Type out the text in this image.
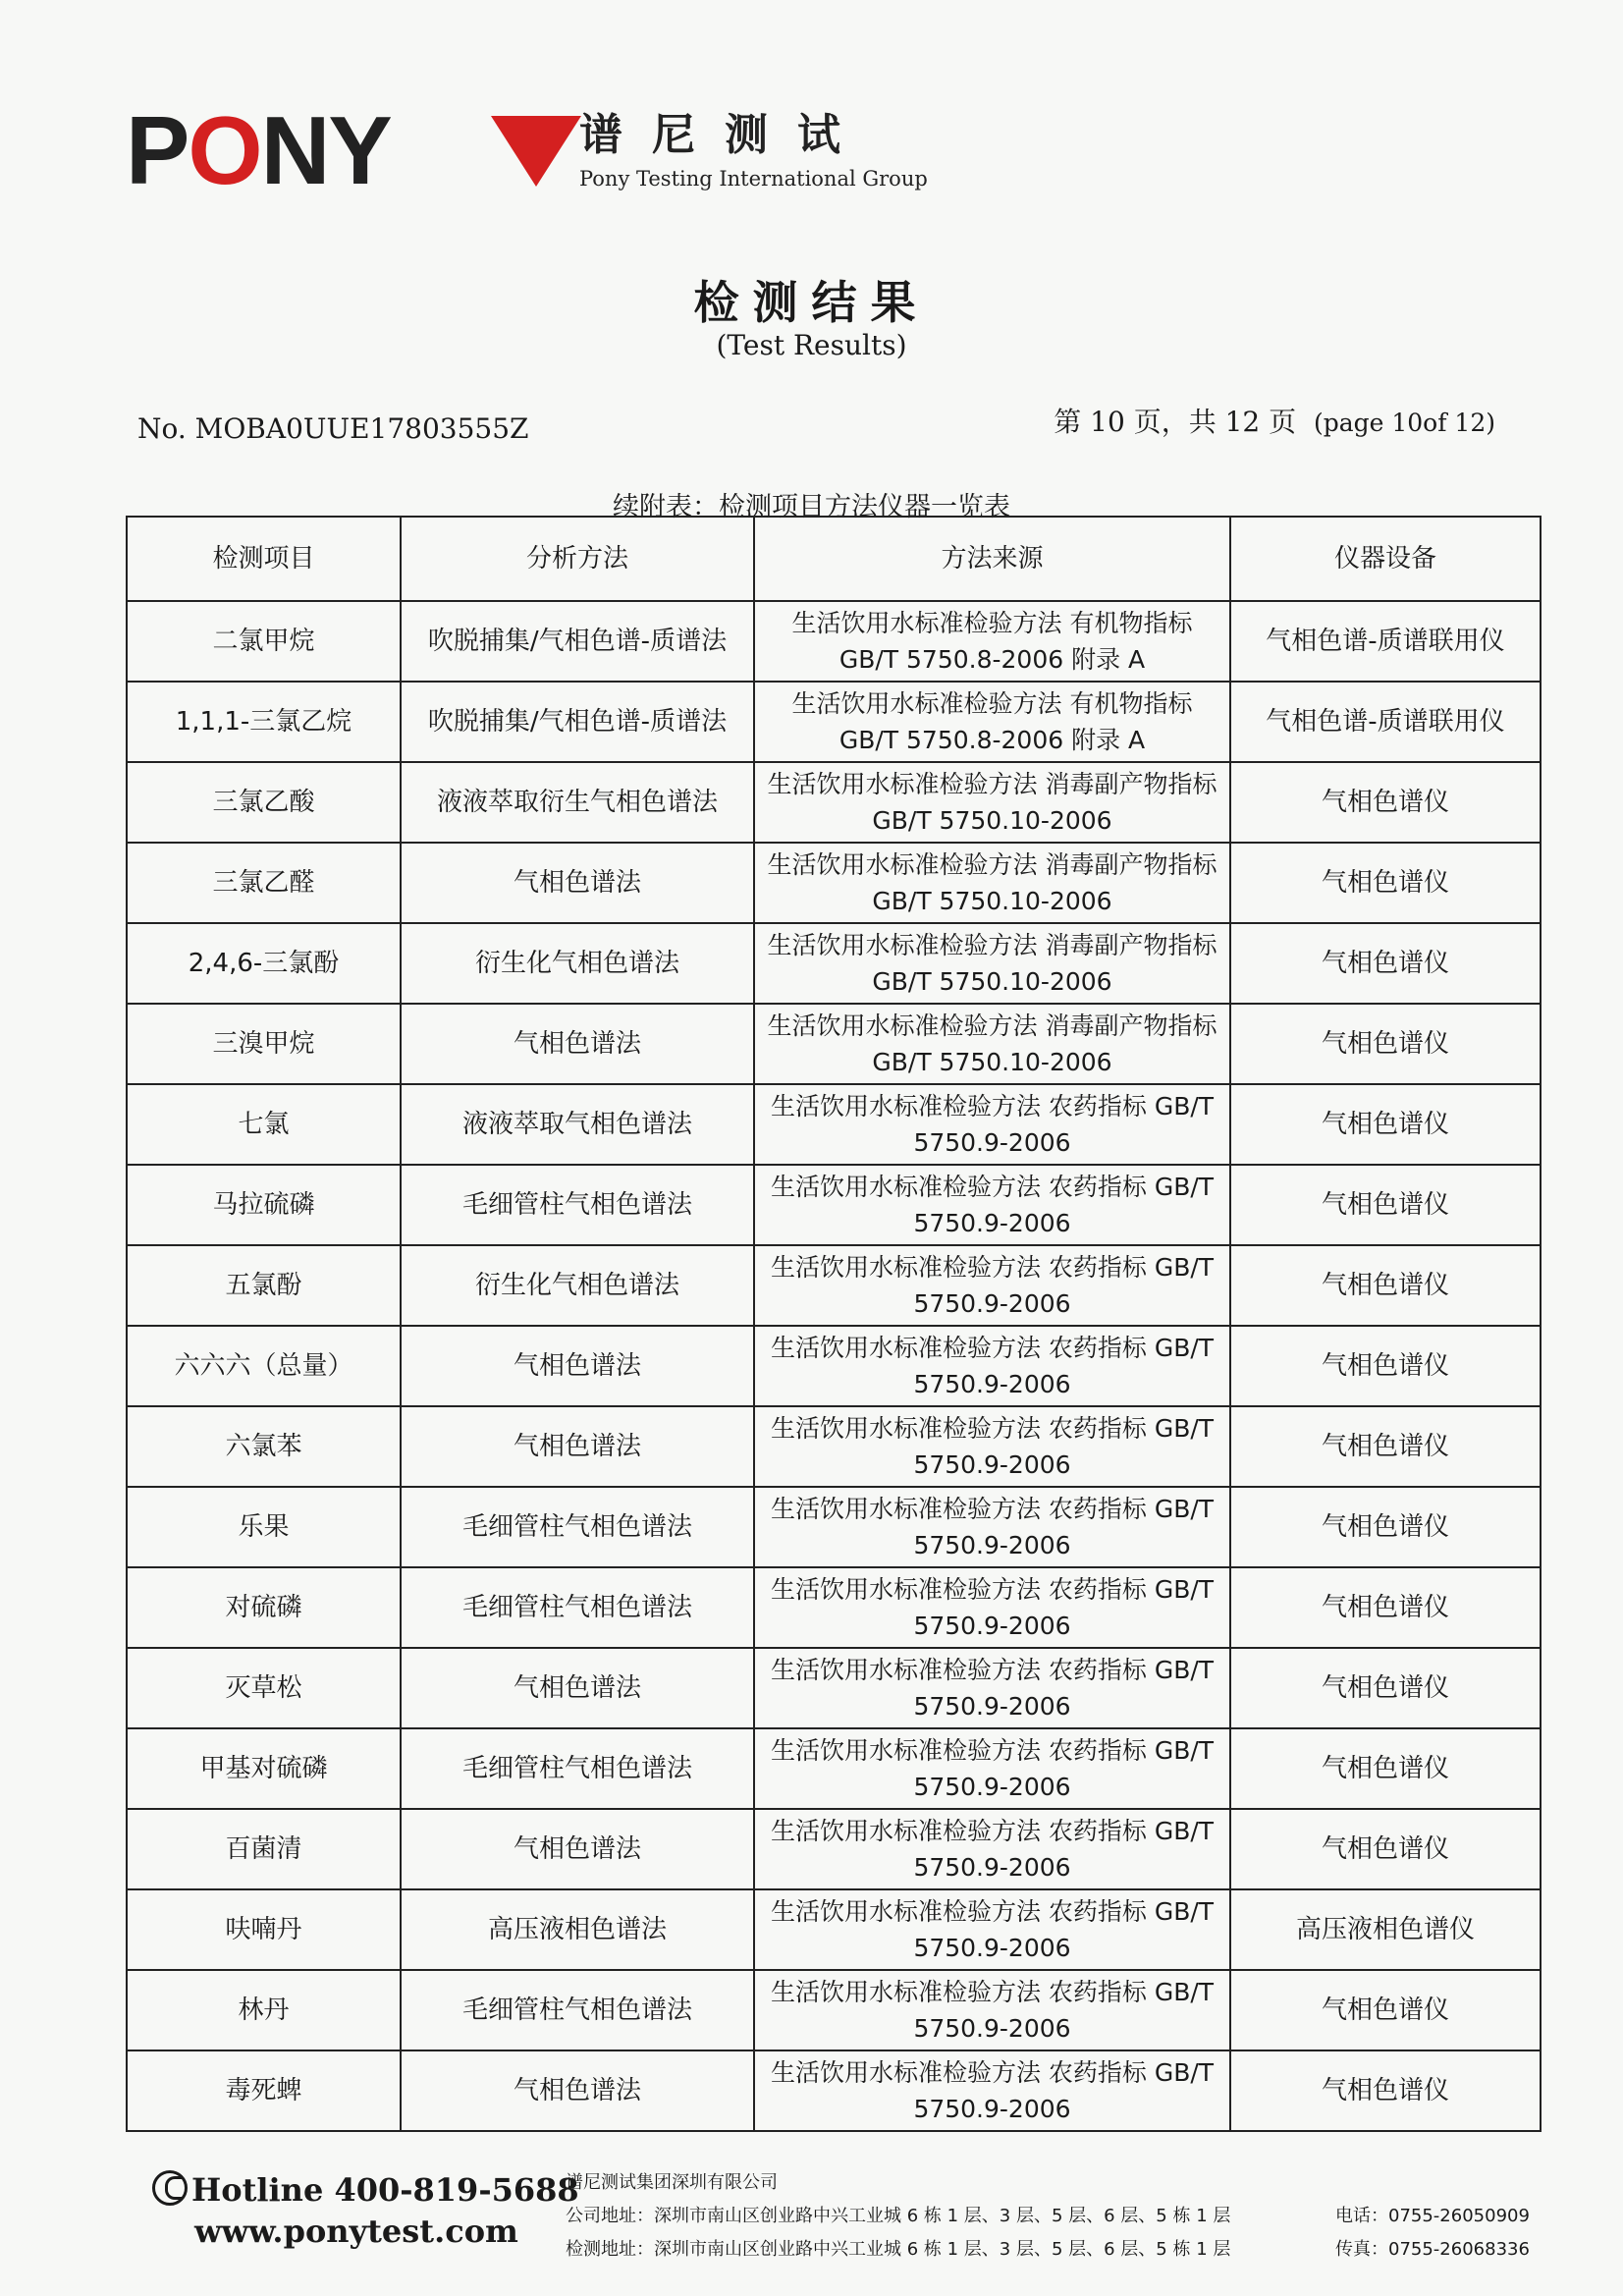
PONY	谱尼测试
Pony Testing International Group
检测结果
(Test Results)
No. MOBA0UUE17803555Z	第 10 页，共 12 页 (page 10of 12)
续附表：检测项目方法仪器一览表
检测项目	分析方法	方法来源	仪器设备
二氯甲烷	吹脱捕集/气相色谱-质谱法	生活饮用水标准检验方法 有机物指标 GB/T 5750.8-2006 附录 A	气相色谱-质谱联用仪
1,1,1-三氯乙烷	吹脱捕集/气相色谱-质谱法	生活饮用水标准检验方法 有机物指标 GB/T 5750.8-2006 附录 A	气相色谱-质谱联用仪
三氯乙酸	液液萃取衍生气相色谱法	生活饮用水标准检验方法 消毒副产物指标 GB/T 5750.10-2006	气相色谱仪
三氯乙醛	气相色谱法	生活饮用水标准检验方法 消毒副产物指标 GB/T 5750.10-2006	气相色谱仪
2,4,6-三氯酚	衍生化气相色谱法	生活饮用水标准检验方法 消毒副产物指标 GB/T 5750.10-2006	气相色谱仪
三溴甲烷	气相色谱法	生活饮用水标准检验方法 消毒副产物指标 GB/T 5750.10-2006	气相色谱仪
七氯	液液萃取气相色谱法	生活饮用水标准检验方法 农药指标 GB/T 5750.9-2006	气相色谱仪
马拉硫磷	毛细管柱气相色谱法	生活饮用水标准检验方法 农药指标 GB/T 5750.9-2006	气相色谱仪
五氯酚	衍生化气相色谱法	生活饮用水标准检验方法 农药指标 GB/T 5750.9-2006	气相色谱仪
六六六（总量）	气相色谱法	生活饮用水标准检验方法 农药指标 GB/T 5750.9-2006	气相色谱仪
六氯苯	气相色谱法	生活饮用水标准检验方法 农药指标 GB/T 5750.9-2006	气相色谱仪
乐果	毛细管柱气相色谱法	生活饮用水标准检验方法 农药指标 GB/T 5750.9-2006	气相色谱仪
对硫磷	毛细管柱气相色谱法	生活饮用水标准检验方法 农药指标 GB/T 5750.9-2006	气相色谱仪
灭草松	气相色谱法	生活饮用水标准检验方法 农药指标 GB/T 5750.9-2006	气相色谱仪
甲基对硫磷	毛细管柱气相色谱法	生活饮用水标准检验方法 农药指标 GB/T 5750.9-2006	气相色谱仪
百菌清	气相色谱法	生活饮用水标准检验方法 农药指标 GB/T 5750.9-2006	气相色谱仪
呋喃丹	高压液相色谱法	生活饮用水标准检验方法 农药指标 GB/T 5750.9-2006	高压液相色谱仪
林丹	毛细管柱气相色谱法	生活饮用水标准检验方法 农药指标 GB/T 5750.9-2006	气相色谱仪
毒死蜱	气相色谱法	生活饮用水标准检验方法 农药指标 GB/T 5750.9-2006	气相色谱仪
Hotline 400-819-5688
www.ponytest.com
谱尼测试集团深圳有限公司
公司地址：深圳市南山区创业路中兴工业城 6 栋 1 层、3 层、5 层、6 层、5 栋 1 层	电话：0755-26050909
检测地址：深圳市南山区创业路中兴工业城 6 栋 1 层、3 层、5 层、6 层、5 栋 1 层	传真：0755-26068336
